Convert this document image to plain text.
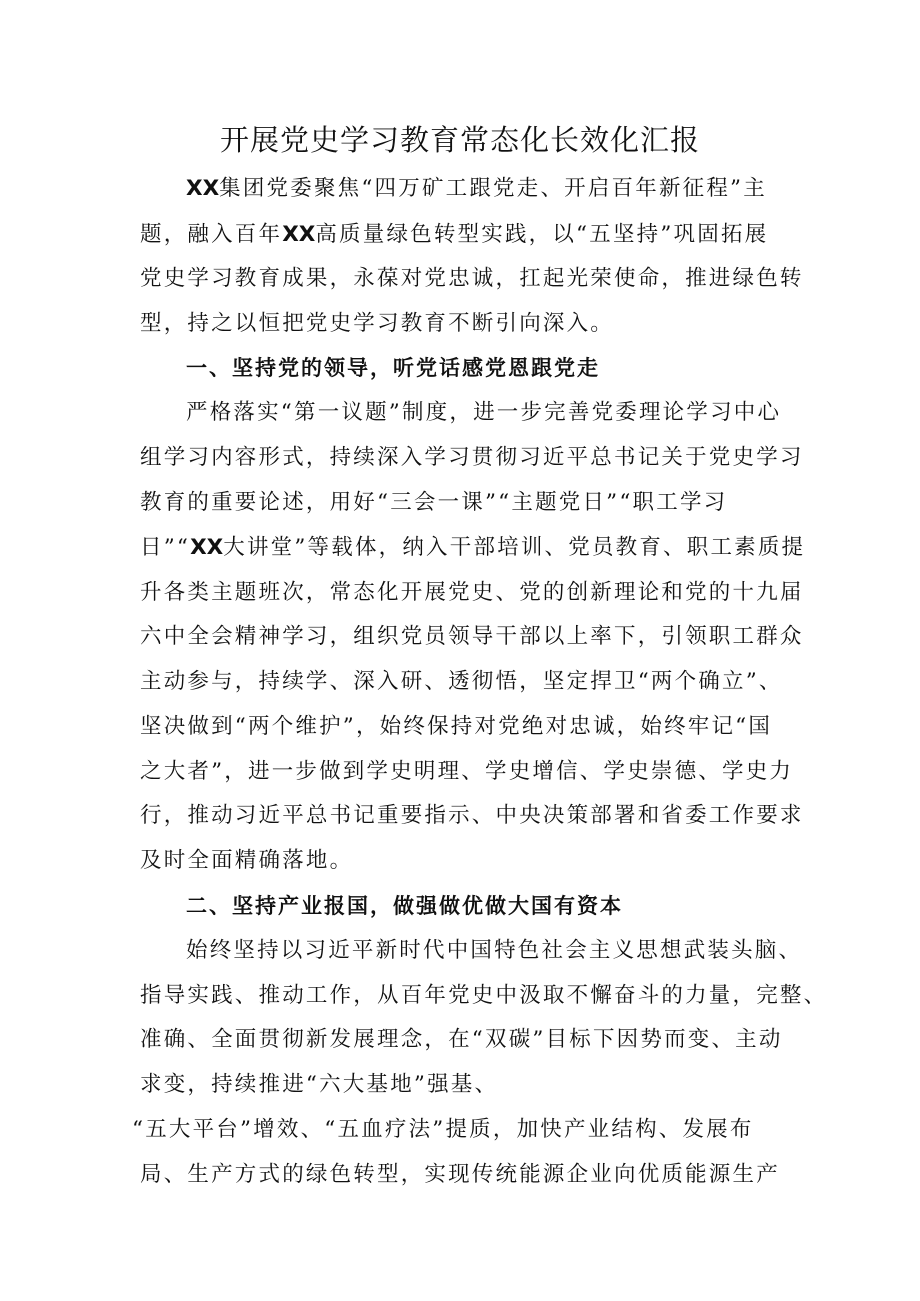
开展党史学习教育常态化长效化汇报
XX集团党委聚焦“四万矿工跟党走、开启百年新征程”主
题，融入百年XX高质量绿色转型实践，以“五坚持”巩固拓展
党史学习教育成果，永葆对党忠诚，扛起光荣使命，推进绿色转
型，持之以恒把党史学习教育不断引向深入。
一、坚持党的领导，听党话感党恩跟党走
严格落实“第一议题”制度，进一步完善党委理论学习中心
组学习内容形式，持续深入学习贯彻习近平总书记关于党史学习
教育的重要论述，用好“三会一课”“主题党日”“职工学习
日”“XX大讲堂”等载体，纳入干部培训、党员教育、职工素质提
升各类主题班次，常态化开展党史、党的创新理论和党的十九届
六中全会精神学习，组织党员领导干部以上率下，引领职工群众
主动参与，持续学、深入研、透彻悟，坚定捍卫“两个确立”、
坚决做到“两个维护”，始终保持对党绝对忠诚，始终牢记“国
之大者”，进一步做到学史明理、学史增信、学史崇德、学史力
行，推动习近平总书记重要指示、中央决策部署和省委工作要求
及时全面精确落地。
二、坚持产业报国，做强做优做大国有资本
始终坚持以习近平新时代中国特色社会主义思想武装头脑、
指导实践、推动工作，从百年党史中汲取不懈奋斗的力量，完整、
准确、全面贯彻新发展理念，在“双碳”目标下因势而变、主动
求变，持续推进“六大基地”强基、
“五大平台”增效、“五血疗法”提质，加快产业结构、发展布
局、生产方式的绿色转型，实现传统能源企业向优质能源生产
